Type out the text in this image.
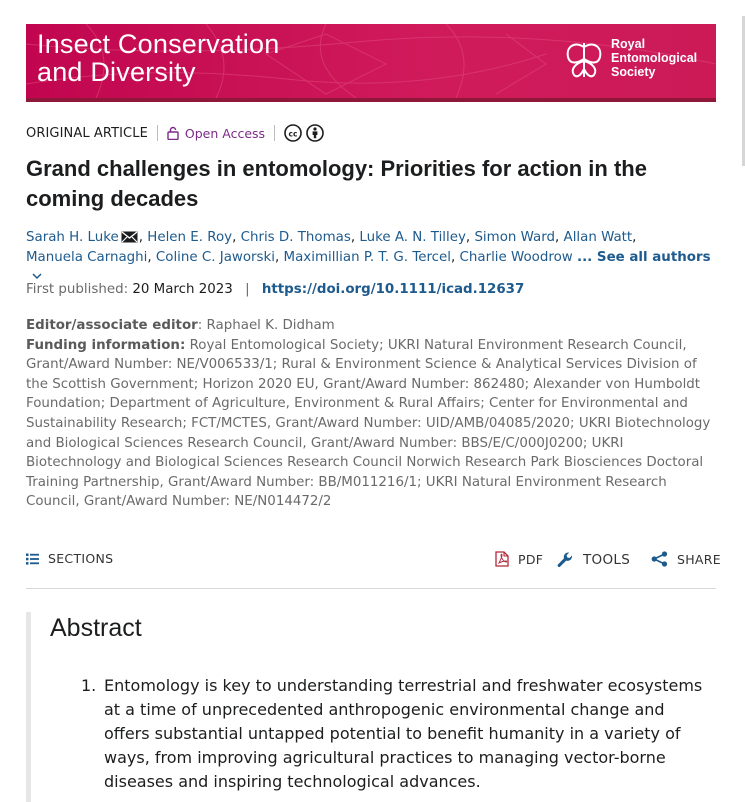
Insect Conservation
and Diversity
Royal
Entomological
Society
ORIGINAL ARTICLE	Open Access	cc
Grand challenges in entomology: Priorities for action in the
coming decades
Sarah H. Luke , Helen E. Roy, Chris D. Thomas, Luke A. N. Tilley, Simon Ward, Allan Watt,
Manuela Carnaghi, Coline C. Jaworski, Maximillian P. T. G. Tercel, Charlie Woodrow ... See all authors
First published: 20 March 2023 | https://doi.org/10.1111/icad.12637
Editor/associate editor: Raphael K. Didham
Funding information: Royal Entomological Society; UKRI Natural Environment Research Council, Grant/Award Number: NE/V006533/1; Rural & Environment Science & Analytical Services Division of the Scottish Government; Horizon 2020 EU, Grant/Award Number: 862480; Alexander von Humboldt Foundation; Department of Agriculture, Environment & Rural Affairs; Center for Environmental and Sustainability Research; FCT/MCTES, Grant/Award Number: UID/AMB/04085/2020; UKRI Biotechnology and Biological Sciences Research Council, Grant/Award Number: BBS/E/C/000J0200; UKRI Biotechnology and Biological Sciences Research Council Norwich Research Park Biosciences Doctoral Training Partnership, Grant/Award Number: BB/M011216/1; UKRI Natural Environment Research Council, Grant/Award Number: NE/N014472/2
SECTIONS	PDF	TOOLS	SHARE
Abstract
1. Entomology is key to understanding terrestrial and freshwater ecosystems at a time of unprecedented anthropogenic environmental change and offers substantial untapped potential to benefit humanity in a variety of ways, from improving agricultural practices to managing vector-borne diseases and inspiring technological advances.
